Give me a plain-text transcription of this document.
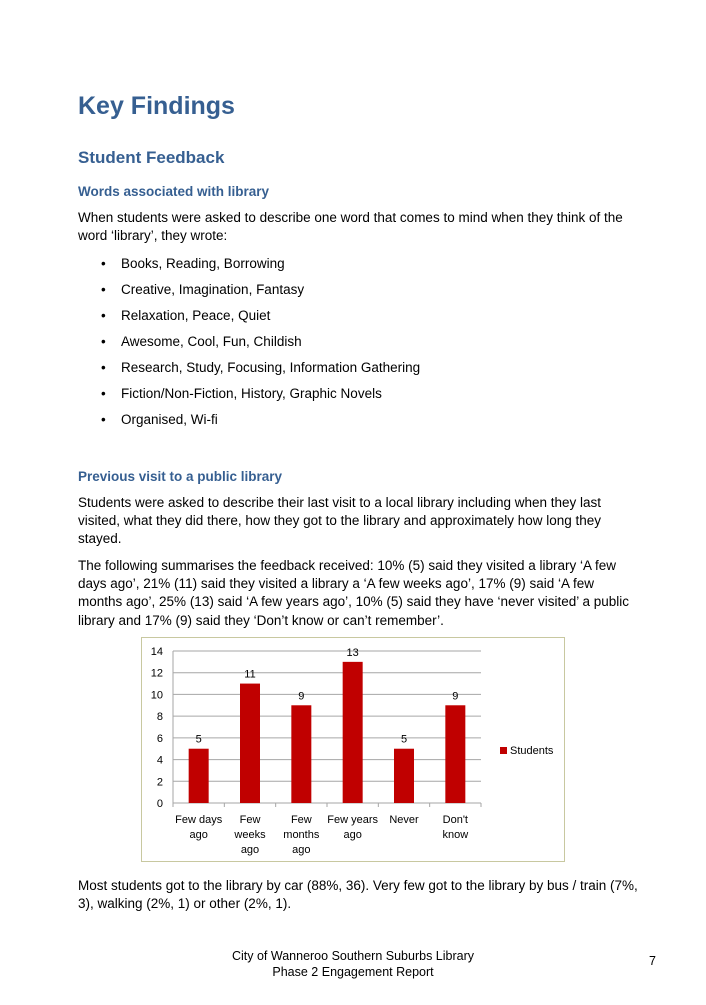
Key Findings
Student Feedback
Words associated with library

When students were asked to describe one word that comes to mind when they think of the word ‘library’, they wrote:

• Books, Reading, Borrowing
• Creative, Imagination, Fantasy
• Relaxation, Peace, Quiet
• Awesome, Cool, Fun, Childish
• Research, Study, Focusing, Information Gathering
• Fiction/Non-Fiction, History, Graphic Novels
• Organised, Wi-fi
Previous visit to a public library

Students were asked to describe their last visit to a local library including when they last visited, what they did there, how they got to the library and approximately how long they stayed.

The following summarises the feedback received: 10% (5) said they visited a library ‘A few days ago’, 21% (11) said they visited a library a ‘A few weeks ago’, 17% (9) said ‘A few months ago’, 25% (13) said ‘A few years ago’, 10% (5) said they have ‘never visited’ a public library and 17% (9) said they ‘Don’t know or can’t remember’.

0
2
4
6
8
10
12
14
5
Few days
ago
11
Few
weeks
ago
9
Few
months
ago
13
Few years
ago
5
Never
9
Don't
know
Students

Most students got to the library by car (88%, 36). Very few got to the library by bus / train (7%, 3), walking (2%, 1) or other (2%, 1).

City of Wanneroo Southern Suburbs Library
Phase 2 Engagement Report
7
